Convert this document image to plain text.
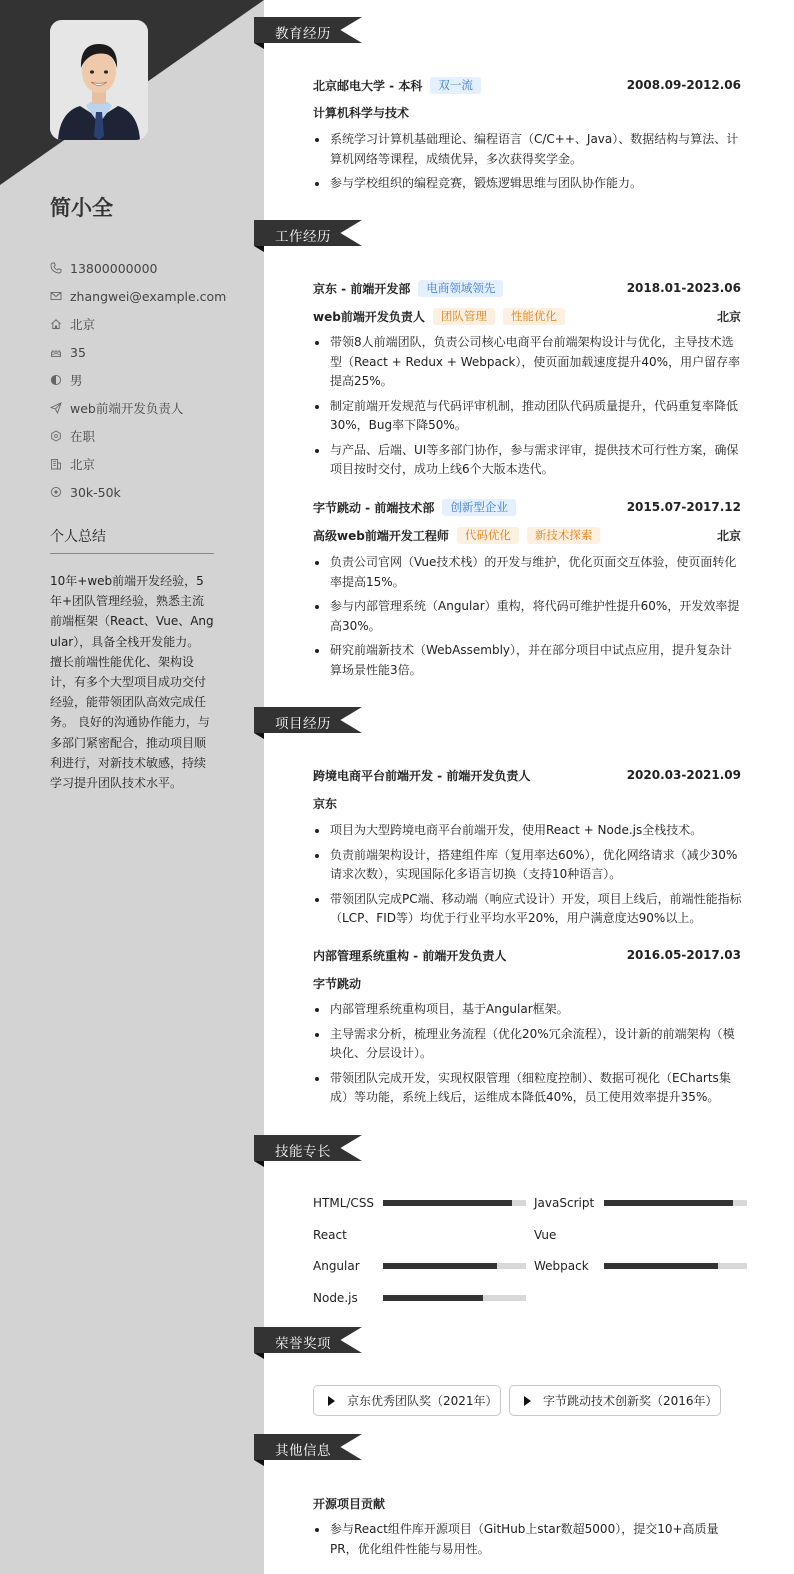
简小全
13800000000
zhangwei@example.com
北京
35
男
web前端开发负责人
在职
北京
30k-50k
个人总结
10年+web前端开发经验，5年+团队管理经验，熟悉主流前端框架（React、Vue、Angular），具备全栈开发能力。 擅长前端性能优化、架构设计，有多个大型项目成功交付经验，能带领团队高效完成任务。 良好的沟通协作能力，与多部门紧密配合，推动项目顺利进行，对新技术敏感，持续学习提升团队技术水平。
教育经历
北京邮电大学 - 本科	双一流	2008.09-2012.06
计算机科学与技术
系统学习计算机基础理论、编程语言（C/C++、Java）、数据结构与算法、计算机网络等课程，成绩优异，多次获得奖学金。
参与学校组织的编程竞赛，锻炼逻辑思维与团队协作能力。
工作经历
京东 - 前端开发部	电商领域领先	2018.01-2023.06
web前端开发负责人	团队管理	性能优化	北京
带领8人前端团队，负责公司核心电商平台前端架构设计与优化，主导技术选型（React + Redux + Webpack），使页面加载速度提升40%，用户留存率提高25%。
制定前端开发规范与代码评审机制，推动团队代码质量提升，代码重复率降低30%，Bug率下降50%。
与产品、后端、UI等多部门协作，参与需求评审，提供技术可行性方案，确保项目按时交付，成功上线6个大版本迭代。
字节跳动 - 前端技术部	创新型企业	2015.07-2017.12
高级web前端开发工程师	代码优化	新技术探索	北京
负责公司官网（Vue技术栈）的开发与维护，优化页面交互体验，使页面转化率提高15%。
参与内部管理系统（Angular）重构，将代码可维护性提升60%，开发效率提高30%。
研究前端新技术（WebAssembly），并在部分项目中试点应用，提升复杂计算场景性能3倍。
项目经历
跨境电商平台前端开发 - 前端开发负责人	2020.03-2021.09
京东
项目为大型跨境电商平台前端开发，使用React + Node.js全栈技术。
负责前端架构设计，搭建组件库（复用率达60%），优化网络请求（减少30%请求次数），实现国际化多语言切换（支持10种语言）。
带领团队完成PC端、移动端（响应式设计）开发，项目上线后，前端性能指标（LCP、FID等）均优于行业平均水平20%，用户满意度达90%以上。
内部管理系统重构 - 前端开发负责人	2016.05-2017.03
字节跳动
内部管理系统重构项目，基于Angular框架。
主导需求分析，梳理业务流程（优化20%冗余流程），设计新的前端架构（模块化、分层设计）。
带领团队完成开发，实现权限管理（细粒度控制）、数据可视化（ECharts集成）等功能，系统上线后，运维成本降低40%，员工使用效率提升35%。
技能专长
HTML/CSS	JavaScript
React	Vue
Angular	Webpack
Node.js
荣誉奖项
京东优秀团队奖（2021年）	字节跳动技术创新奖（2016年）
其他信息
开源项目贡献
参与React组件库开源项目（GitHub上star数超5000），提交10+高质量PR，优化组件性能与易用性。
